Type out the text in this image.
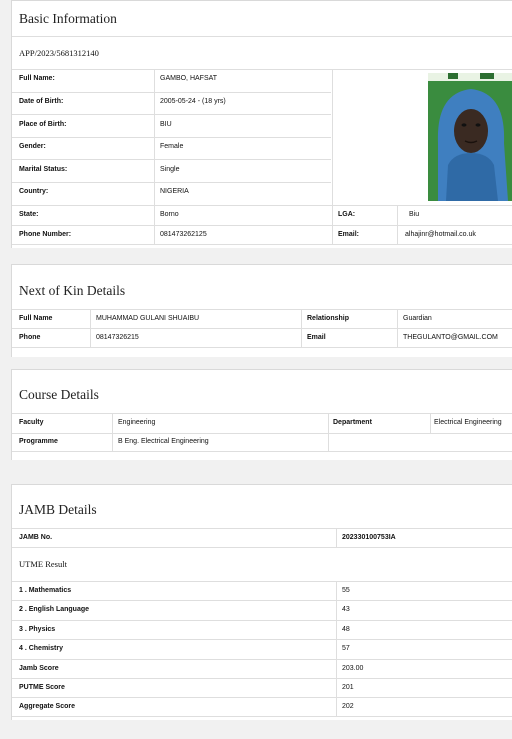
Basic Information
APP/2023/5681312140
Full Name:	GAMBO, HAFSAT
Date of Birth:	2005-05-24 - (18 yrs)
Place of Birth:	BIU
Gender:	Female
Marital Status:	Single
Country:	NIGERIA
State:	Borno	LGA:	Biu
Phone Number:	081473262125	Email:	alhajinr@hotmail.co.uk
Next of Kin Details
Full Name	MUHAMMAD GULANI SHUAIBU	Relationship	Guardian
Phone	08147326215	Email	THEGULANTO@GMAIL.COM
Course Details
Faculty	Engineering	Department	Electrical Engineering
Programme	B Eng. Electrical Engineering
JAMB Details
JAMB No.	202330100753IA
UTME Result
1 . Mathematics	55
2 . English Language	43
3 . Physics	48
4 . Chemistry	57
Jamb Score	203.00
PUTME Score	201
Aggregate Score	202
